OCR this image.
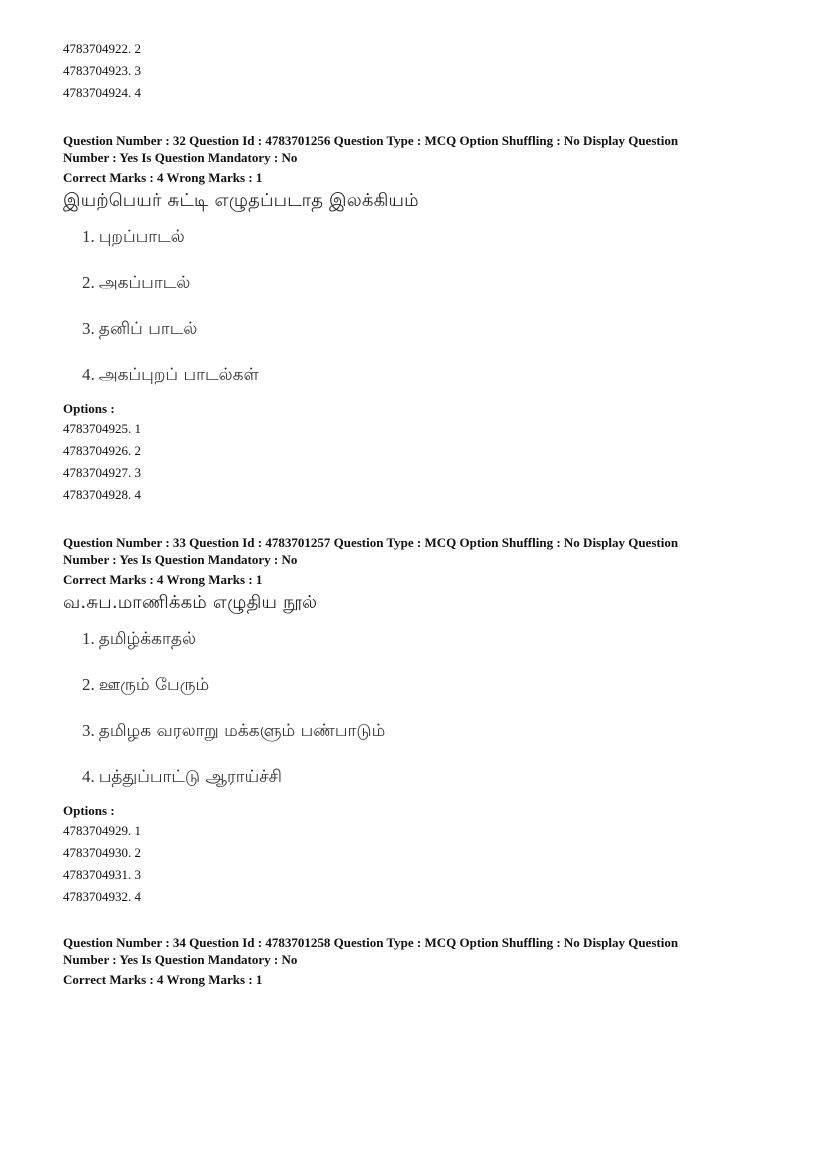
4783704922. 2
4783704923. 3
4783704924. 4
Question Number : 32 Question Id : 4783701256 Question Type : MCQ Option Shuffling : No Display Question
Number : Yes Is Question Mandatory : No
Correct Marks : 4 Wrong Marks : 1
இயற்பெயர் சுட்டி எழுதப்படாத இலக்கியம்
1. புறப்பாடல்
2. அகப்பாடல்
3. தனிப் பாடல்
4. அகப்புறப் பாடல்கள்
Options :
4783704925. 1
4783704926. 2
4783704927. 3
4783704928. 4
Question Number : 33 Question Id : 4783701257 Question Type : MCQ Option Shuffling : No Display Question
Number : Yes Is Question Mandatory : No
Correct Marks : 4 Wrong Marks : 1
வ.சுப.மாணிக்கம் எழுதிய நூல்
1. தமிழ்க்காதல்
2. ஊரும் பேரும்
3. தமிழக வரலாறு மக்களும் பண்பாடும்
4. பத்துப்பாட்டு ஆராய்ச்சி
Options :
4783704929. 1
4783704930. 2
4783704931. 3
4783704932. 4
Question Number : 34 Question Id : 4783701258 Question Type : MCQ Option Shuffling : No Display Question
Number : Yes Is Question Mandatory : No
Correct Marks : 4 Wrong Marks : 1
